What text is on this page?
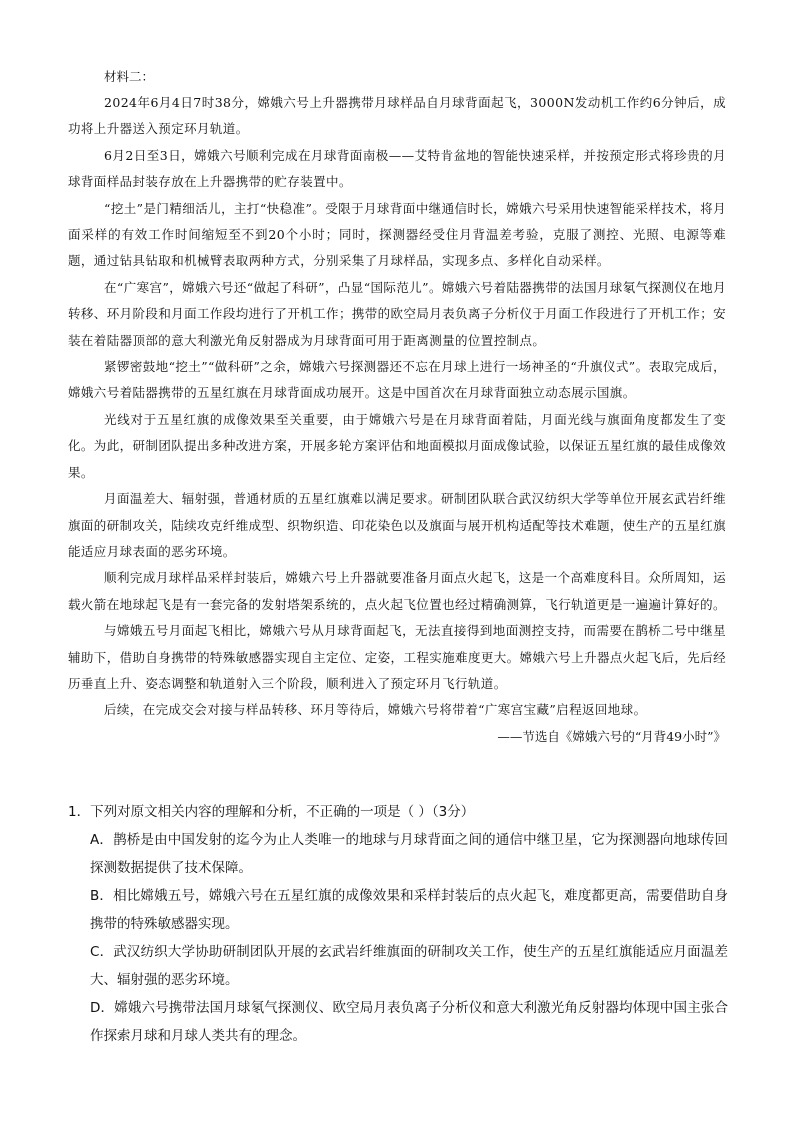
材料二：

2024年6月4日7时38分，嫦娥六号上升器携带月球样品自月球背面起飞，3000N发动机工作约6分钟后，成功将上升器送入预定环月轨道。

6月2日至3日，嫦娥六号顺利完成在月球背面南极——艾特肯盆地的智能快速采样，并按预定形式将珍贵的月球背面样品封装存放在上升器携带的贮存装置中。

“挖土”是门精细活儿，主打“快稳准”。受限于月球背面中继通信时长，嫦娥六号采用快速智能采样技术，将月面采样的有效工作时间缩短至不到20个小时；同时，探测器经受住月背温差考验，克服了测控、光照、电源等难题，通过钻具钻取和机械臂表取两种方式，分别采集了月球样品，实现多点、多样化自动采样。

在“广寒宫”，嫦娥六号还“做起了科研”，凸显“国际范儿”。嫦娥六号着陆器携带的法国月球氡气探测仪在地月转移、环月阶段和月面工作段均进行了开机工作；携带的欧空局月表负离子分析仪于月面工作段进行了开机工作；安装在着陆器顶部的意大利激光角反射器成为月球背面可用于距离测量的位置控制点。

紧锣密鼓地“挖土”“做科研”之余，嫦娥六号探测器还不忘在月球上进行一场神圣的“升旗仪式”。表取完成后，嫦娥六号着陆器携带的五星红旗在月球背面成功展开。这是中国首次在月球背面独立动态展示国旗。

光线对于五星红旗的成像效果至关重要，由于嫦娥六号是在月球背面着陆，月面光线与旗面角度都发生了变化。为此，研制团队提出多种改进方案，开展多轮方案评估和地面模拟月面成像试验，以保证五星红旗的最佳成像效果。

月面温差大、辐射强，普通材质的五星红旗难以满足要求。研制团队联合武汉纺织大学等单位开展玄武岩纤维旗面的研制攻关，陆续攻克纤维成型、织物织造、印花染色以及旗面与展开机构适配等技术难题，使生产的五星红旗能适应月球表面的恶劣环境。

顺利完成月球样品采样封装后，嫦娥六号上升器就要准备月面点火起飞，这是一个高难度科目。众所周知，运载火箭在地球起飞是有一套完备的发射塔架系统的，点火起飞位置也经过精确测算，飞行轨道更是一遍遍计算好的。

与嫦娥五号月面起飞相比，嫦娥六号从月球背面起飞，无法直接得到地面测控支持，而需要在鹊桥二号中继星辅助下，借助自身携带的特殊敏感器实现自主定位、定姿，工程实施难度更大。嫦娥六号上升器点火起飞后，先后经历垂直上升、姿态调整和轨道射入三个阶段，顺利进入了预定环月飞行轨道。

后续，在完成交会对接与样品转移、环月等待后，嫦娥六号将带着“广寒宫宝藏”启程返回地球。

——节选自《嫦娥六号的“月背49小时”》

1．下列对原文相关内容的理解和分析，不正确的一项是（ ）（3分）

A．鹊桥是由中国发射的迄今为止人类唯一的地球与月球背面之间的通信中继卫星，它为探测器向地球传回探测数据提供了技术保障。

B．相比嫦娥五号，嫦娥六号在五星红旗的成像效果和采样封装后的点火起飞，难度都更高，需要借助自身携带的特殊敏感器实现。

C．武汉纺织大学协助研制团队开展的玄武岩纤维旗面的研制攻关工作，使生产的五星红旗能适应月面温差大、辐射强的恶劣环境。

D．嫦娥六号携带法国月球氡气探测仪、欧空局月表负离子分析仪和意大利激光角反射器均体现中国主张合作探索月球和月球人类共有的理念。
